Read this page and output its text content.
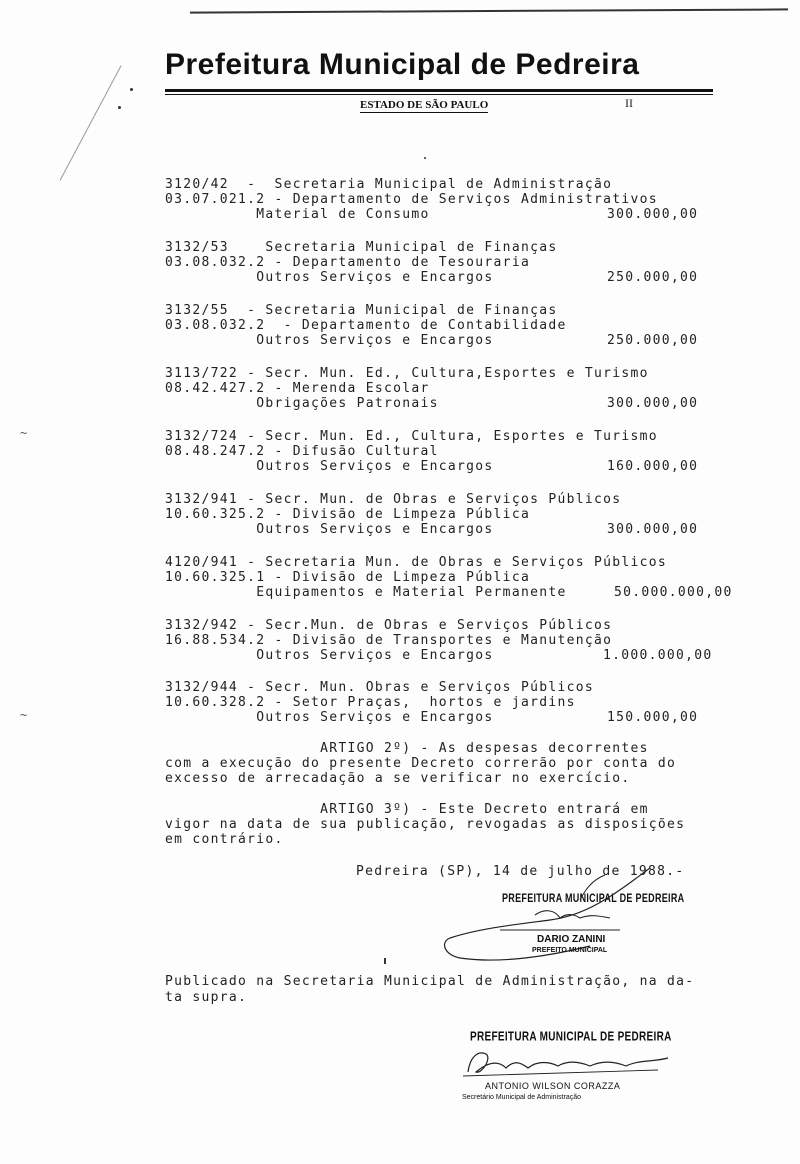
~
~
Prefeitura Municipal de Pedreira
ESTADO DE SÃO PAULO	II
3120/42  -  Secretaria Municipal de Administração
03.07.021.2 - Departamento de Serviços Administrativos
Material de Consumo	300.000,00
3132/53    Secretaria Municipal de Finanças
03.08.032.2 - Departamento de Tesouraria
Outros Serviços e Encargos	250.000,00
3132/55  - Secretaria Municipal de Finanças
03.08.032.2  - Departamento de Contabilidade
Outros Serviços e Encargos	250.000,00
3113/722 - Secr. Mun. Ed., Cultura,Esportes e Turismo
08.42.427.2 - Merenda Escolar
Obrigações Patronais	300.000,00
3132/724 - Secr. Mun. Ed., Cultura, Esportes e Turismo
08.48.247.2 - Difusão Cultural
Outros Serviços e Encargos	160.000,00
3132/941 - Secr. Mun. de Obras e Serviços Públicos
10.60.325.2 - Divisão de Limpeza Pública
Outros Serviços e Encargos	300.000,00
4120/941 - Secretaria Mun. de Obras e Serviços Públicos
10.60.325.1 - Divisão de Limpeza Pública
Equipamentos e Material Permanente	50.000.000,00
3132/942 - Secr.Mun. de Obras e Serviços Públicos
16.88.534.2 - Divisão de Transportes e Manutenção
Outros Serviços e Encargos	1.000.000,00
3132/944 - Secr. Mun. Obras e Serviços Públicos
10.60.328.2 - Setor Praças,  hortos e jardins
Outros Serviços e Encargos	150.000,00
ARTIGO 2º) - As despesas decorrentes
com a execução do presente Decreto correrão por conta do
excesso de arrecadação a se verificar no exercício.
ARTIGO 3º) - Este Decreto entrará em
vigor na data de sua publicação, revogadas as disposições
em contrário.
Pedreira (SP), 14 de julho de 1988.-
PREFEITURA MUNICIPAL DE PEDREIRA
DARIO ZANINI
PREFEITO MUNICIPAL
Publicado na Secretaria Municipal de Administração, na da-
ta supra.
PREFEITURA MUNICIPAL DE PEDREIRA
ANTONIO WILSON CORAZZA
Secretário Municipal de Administração
